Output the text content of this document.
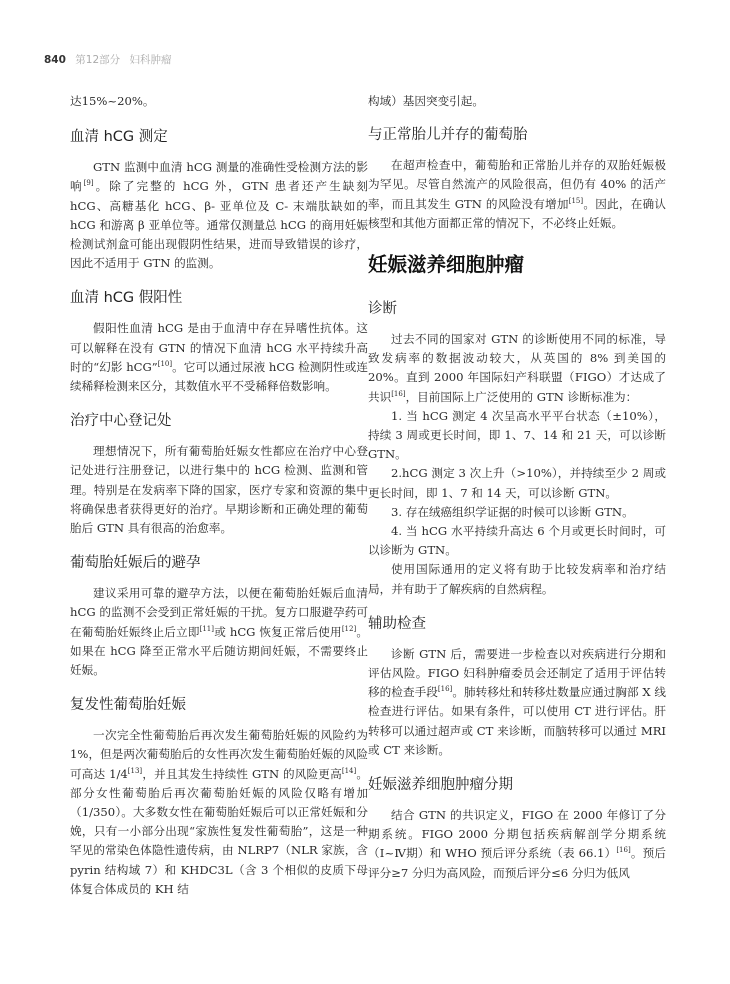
840 第12部分 妇科肿瘤

达15%~20%。

血清 hCG 测定

GTN 监测中血清 hCG 测量的准确性受检测方法的影响[9]。除了完整的 hCG 外，GTN 患者还产生缺刻 hCG、高糖基化 hCG、β- 亚单位及 C- 末端肽缺如的 hCG 和游离 β 亚单位等。通常仅测量总 hCG 的商用妊娠检测试剂盒可能出现假阴性结果，进而导致错误的诊疗，因此不适用于 GTN 的监测。

血清 hCG 假阳性

假阳性血清 hCG 是由于血清中存在异嗜性抗体。这可以解释在没有 GTN 的情况下血清 hCG 水平持续升高时的“幻影 hCG”[10]。它可以通过尿液 hCG 检测阴性或连续稀释检测来区分，其数值水平不受稀释倍数影响。

治疗中心登记处

理想情况下，所有葡萄胎妊娠女性都应在治疗中心登记处进行注册登记，以进行集中的 hCG 检测、监测和管理。特别是在发病率下降的国家，医疗专家和资源的集中将确保患者获得更好的治疗。早期诊断和正确处理的葡萄胎后 GTN 具有很高的治愈率。

葡萄胎妊娠后的避孕

建议采用可靠的避孕方法，以便在葡萄胎妊娠后血清 hCG 的监测不会受到正常妊娠的干扰。复方口服避孕药可在葡萄胎妊娠终止后立即[11]或 hCG 恢复正常后使用[12]。如果在 hCG 降至正常水平后随访期间妊娠，不需要终止妊娠。

复发性葡萄胎妊娠

一次完全性葡萄胎后再次发生葡萄胎妊娠的风险约为 1%，但是两次葡萄胎后的女性再次发生葡萄胎妊娠的风险可高达 1/4[13]，并且其发生持续性 GTN 的风险更高[14]。部分女性葡萄胎后再次葡萄胎妊娠的风险仅略有增加（1/350）。大多数女性在葡萄胎妊娠后可以正常妊娠和分娩，只有一小部分出现“家族性复发性葡萄胎”，这是一种罕见的常染色体隐性遗传病，由 NLRP7（NLR 家族，含 pyrin 结构域 7）和 KHDC3L（含 3 个相似的皮质下母体复合体成员的 KH 结

构域）基因突变引起。

与正常胎儿并存的葡萄胎

在超声检查中，葡萄胎和正常胎儿并存的双胎妊娠极为罕见。尽管自然流产的风险很高，但仍有 40% 的活产率，而且其发生 GTN 的风险没有增加[15]。因此，在确认核型和其他方面都正常的情况下，不必终止妊娠。

妊娠滋养细胞肿瘤
诊断

过去不同的国家对 GTN 的诊断使用不同的标准，导致发病率的数据波动较大，从英国的 8% 到美国的 20%。直到 2000 年国际妇产科联盟（FIGO）才达成了共识[16]，目前国际上广泛使用的 GTN 诊断标准为：

1. 当 hCG 测定 4 次呈高水平平台状态（±10%），持续 3 周或更长时间，即 1、7、14 和 21 天，可以诊断 GTN。

2.hCG 测定 3 次上升（>10%），并持续至少 2 周或更长时间，即 1、7 和 14 天，可以诊断 GTN。

3. 存在绒癌组织学证据的时候可以诊断 GTN。

4. 当 hCG 水平持续升高达 6 个月或更长时间时，可以诊断为 GTN。

使用国际通用的定义将有助于比较发病率和治疗结局，并有助于了解疾病的自然病程。

辅助检查

诊断 GTN 后，需要进一步检查以对疾病进行分期和评估风险。FIGO 妇科肿瘤委员会还制定了适用于评估转移的检查手段[16]。肺转移灶和转移灶数量应通过胸部 X 线检查进行评估。如果有条件，可以使用 CT 进行评估。肝转移可以通过超声或 CT 来诊断，而脑转移可以通过 MRI 或 CT 来诊断。

妊娠滋养细胞肿瘤分期

结合 GTN 的共识定义，FIGO 在 2000 年修订了分期系统。FIGO 2000 分期包括疾病解剖学分期系统（Ⅰ~Ⅳ期）和 WHO 预后评分系统（表 66.1）[16]。预后评分≥7 分归为高风险，而预后评分≤6 分归为低风
